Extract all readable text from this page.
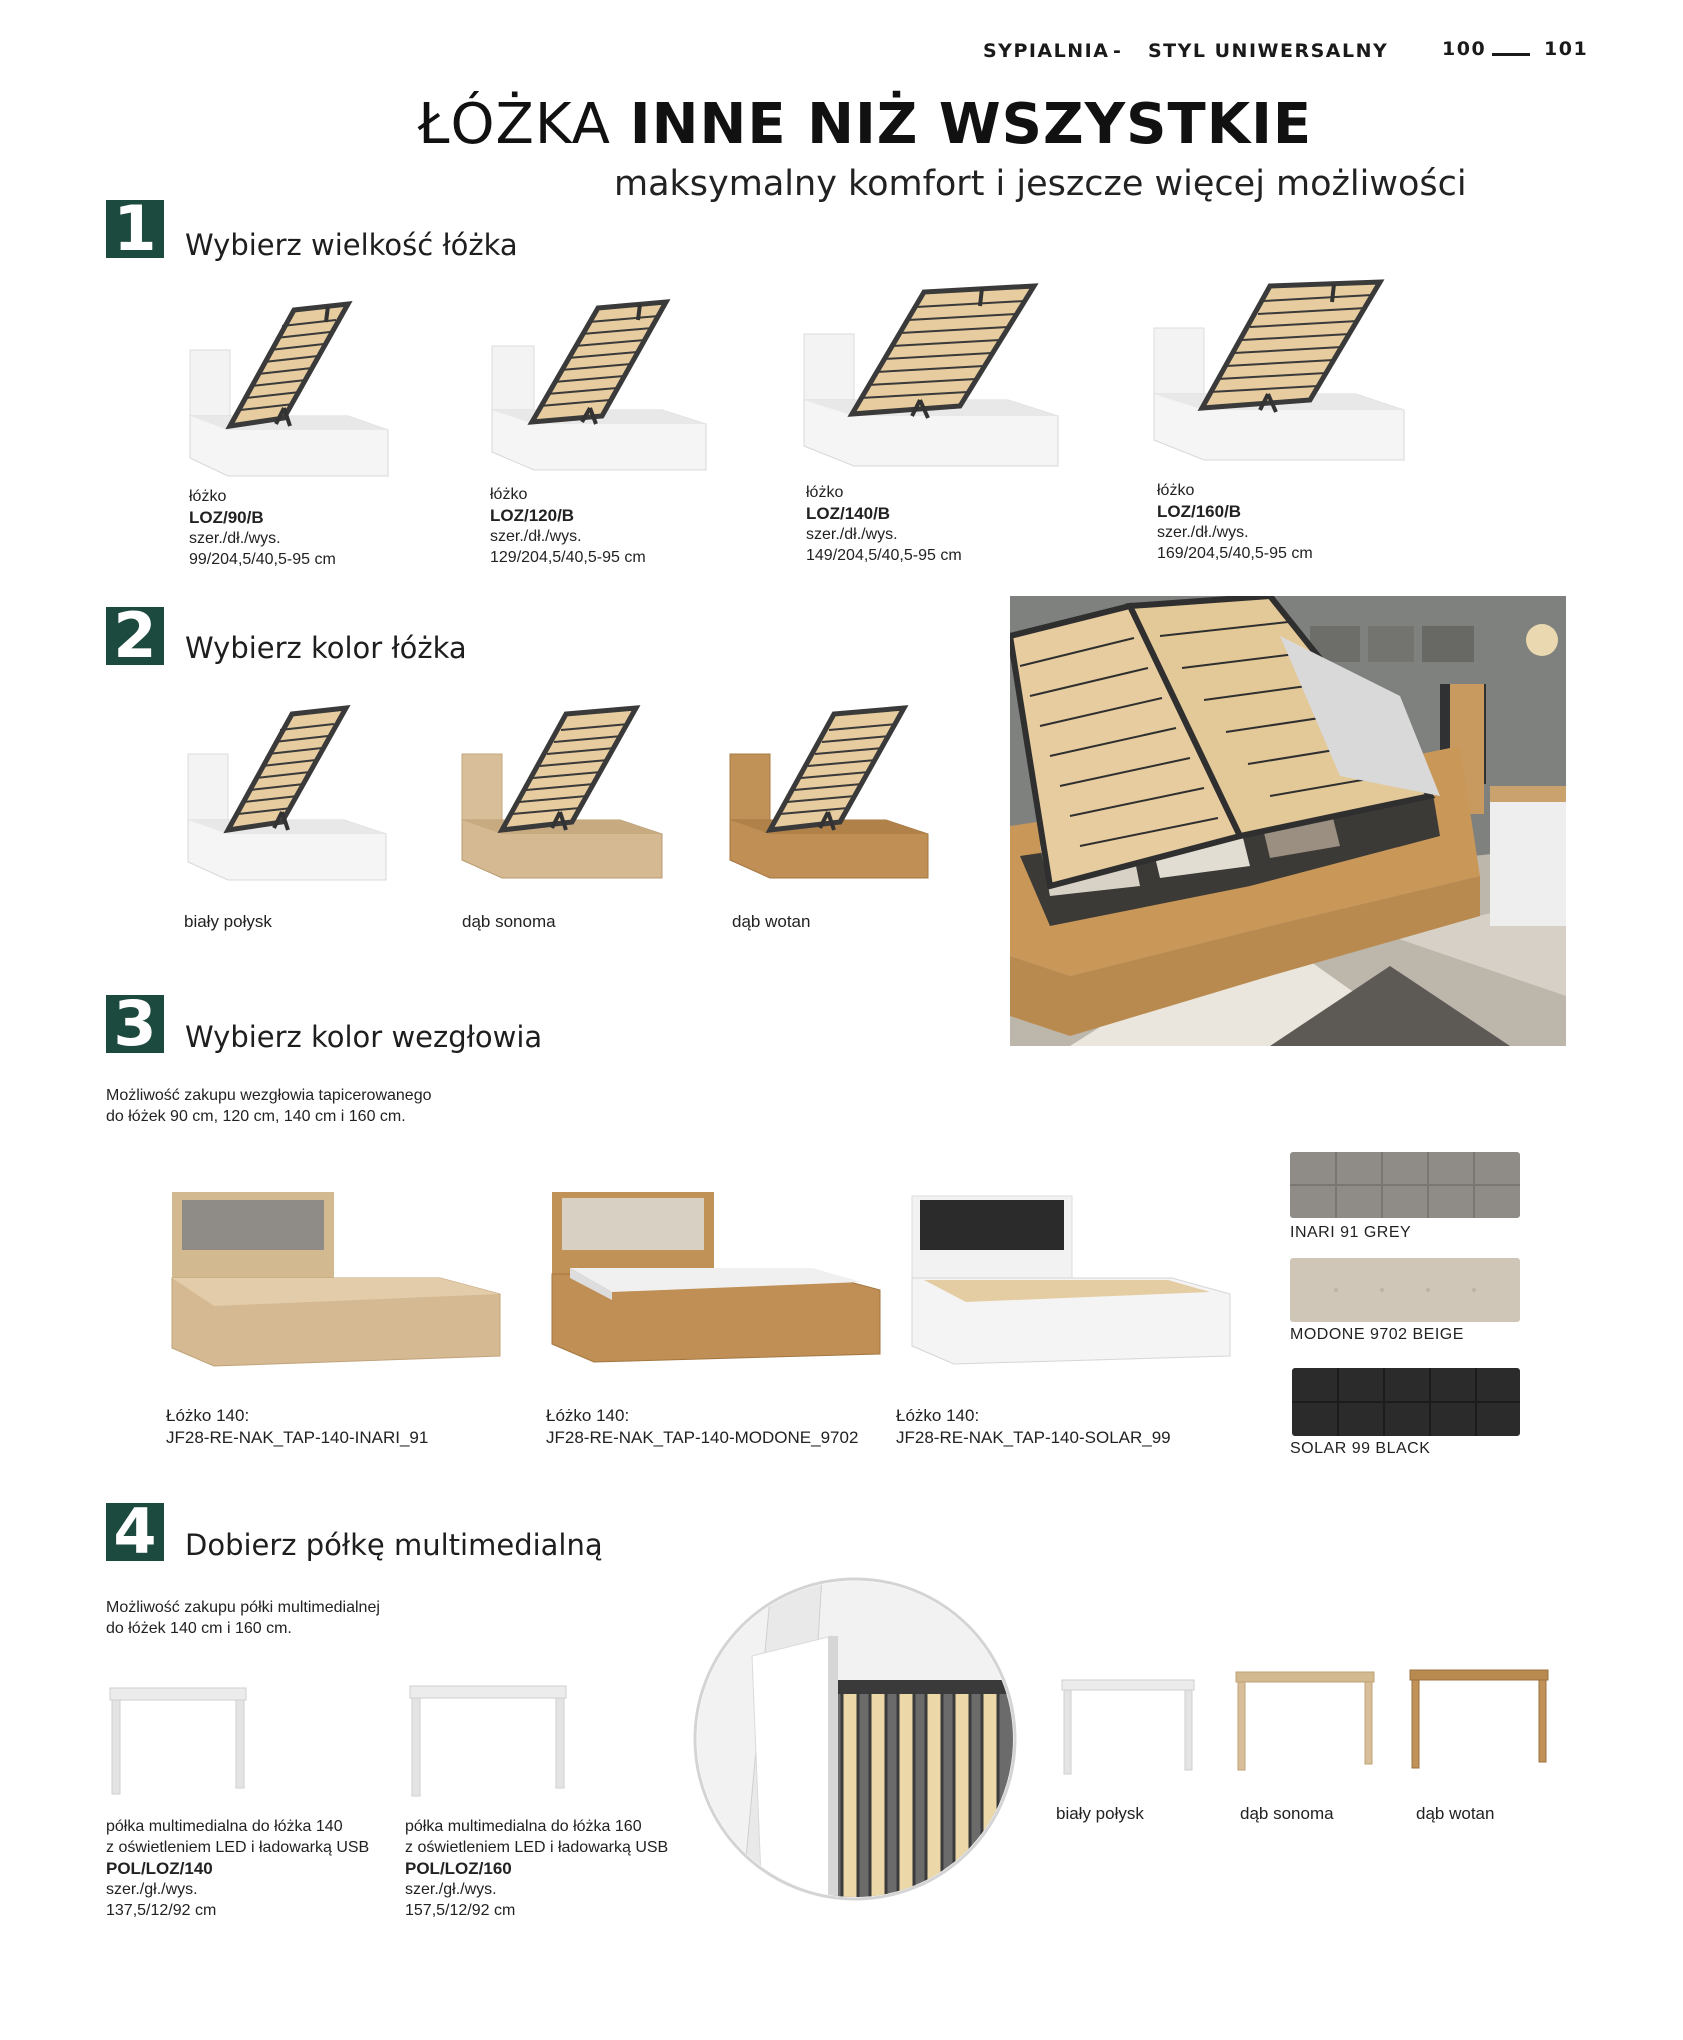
SYPIALNIA - STYL UNIWERSALNY	100	101
ŁÓŻKA INNE NIŻ WSZYSTKIE
maksymalny komfort i jeszcze więcej możliwości
1 Wybierz wielkość łóżka
łóżko
LOZ/90/B
szer./dł./wys.
99/204,5/40,5-95 cm
łóżko
LOZ/120/B
szer./dł./wys.
129/204,5/40,5-95 cm
łóżko
LOZ/140/B
szer./dł./wys.
149/204,5/40,5-95 cm
łóżko
LOZ/160/B
szer./dł./wys.
169/204,5/40,5-95 cm
2 Wybierz kolor łóżka
biały połysk	dąb sonoma	dąb wotan
3 Wybierz kolor wezgłowia
Możliwość zakupu wezgłowia tapicerowanego
do łóżek 90 cm, 120 cm, 140 cm i 160 cm.
Łóżko 140:
JF28-RE-NAK_TAP-140-INARI_91
Łóżko 140:
JF28-RE-NAK_TAP-140-MODONE_9702
Łóżko 140:
JF28-RE-NAK_TAP-140-SOLAR_99
INARI 91 GREY
MODONE 9702 BEIGE
SOLAR 99 BLACK
4 Dobierz półkę multimedialną
Możliwość zakupu półki multimedialnej
do łóżek 140 cm i 160 cm.
półka multimedialna do łóżka 140
z oświetleniem LED i ładowarką USB
POL/LOZ/140
szer./gł./wys.
137,5/12/92 cm
półka multimedialna do łóżka 160
z oświetleniem LED i ładowarką USB
POL/LOZ/160
szer./gł./wys.
157,5/12/92 cm
biały połysk	dąb sonoma	dąb wotan
